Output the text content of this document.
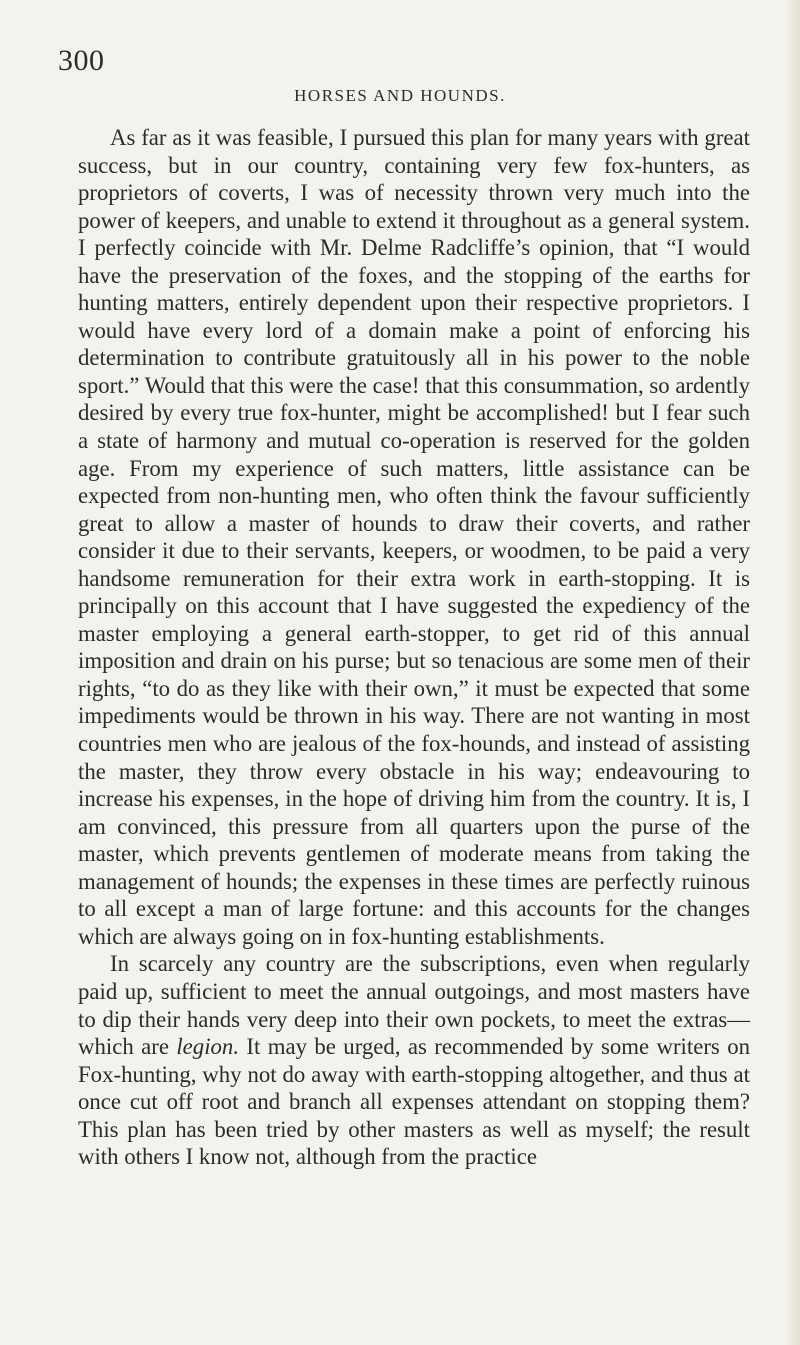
300
HORSES AND HOUNDS.

As far as it was feasible, I pursued this plan for many years with great success, but in our country, containing very few fox-hunters, as proprietors of coverts, I was of necessity thrown very much into the power of keepers, and unable to extend it throughout as a general system. I perfectly coincide with Mr. Delme Radcliffe’s opinion, that “I would have the preservation of the foxes, and the stopping of the earths for hunting matters, entirely dependent upon their respective proprietors. I would have every lord of a domain make a point of enforcing his determination to contribute gratuitously all in his power to the noble sport.” Would that this were the case! that this consummation, so ardently desired by every true fox-hunter, might be accomplished! but I fear such a state of harmony and mutual co-operation is reserved for the golden age. From my experience of such matters, little assistance can be expected from non-hunting men, who often think the favour sufficiently great to allow a master of hounds to draw their coverts, and rather consider it due to their servants, keepers, or woodmen, to be paid a very handsome remuneration for their extra work in earth-stopping. It is principally on this account that I have suggested the expediency of the master employing a general earth-stopper, to get rid of this annual imposition and drain on his purse; but so tenacious are some men of their rights, “to do as they like with their own,” it must be expected that some impediments would be thrown in his way. There are not wanting in most countries men who are jealous of the fox-hounds, and instead of assisting the master, they throw every obstacle in his way; endeavouring to increase his expenses, in the hope of driving him from the country. It is, I am convinced, this pressure from all quarters upon the purse of the master, which prevents gentlemen of moderate means from taking the management of hounds; the expenses in these times are perfectly ruinous to all except a man of large fortune: and this accounts for the changes which are always going on in fox-hunting establishments.

In scarcely any country are the subscriptions, even when regularly paid up, sufficient to meet the annual outgoings, and most masters have to dip their hands very deep into their own pockets, to meet the extras—which are legion. It may be urged, as recommended by some writers on Fox-hunting, why not do away with earth-stopping altogether, and thus at once cut off root and branch all expenses attendant on stopping them? This plan has been tried by other masters as well as myself; the result with others I know not, although from the practice
